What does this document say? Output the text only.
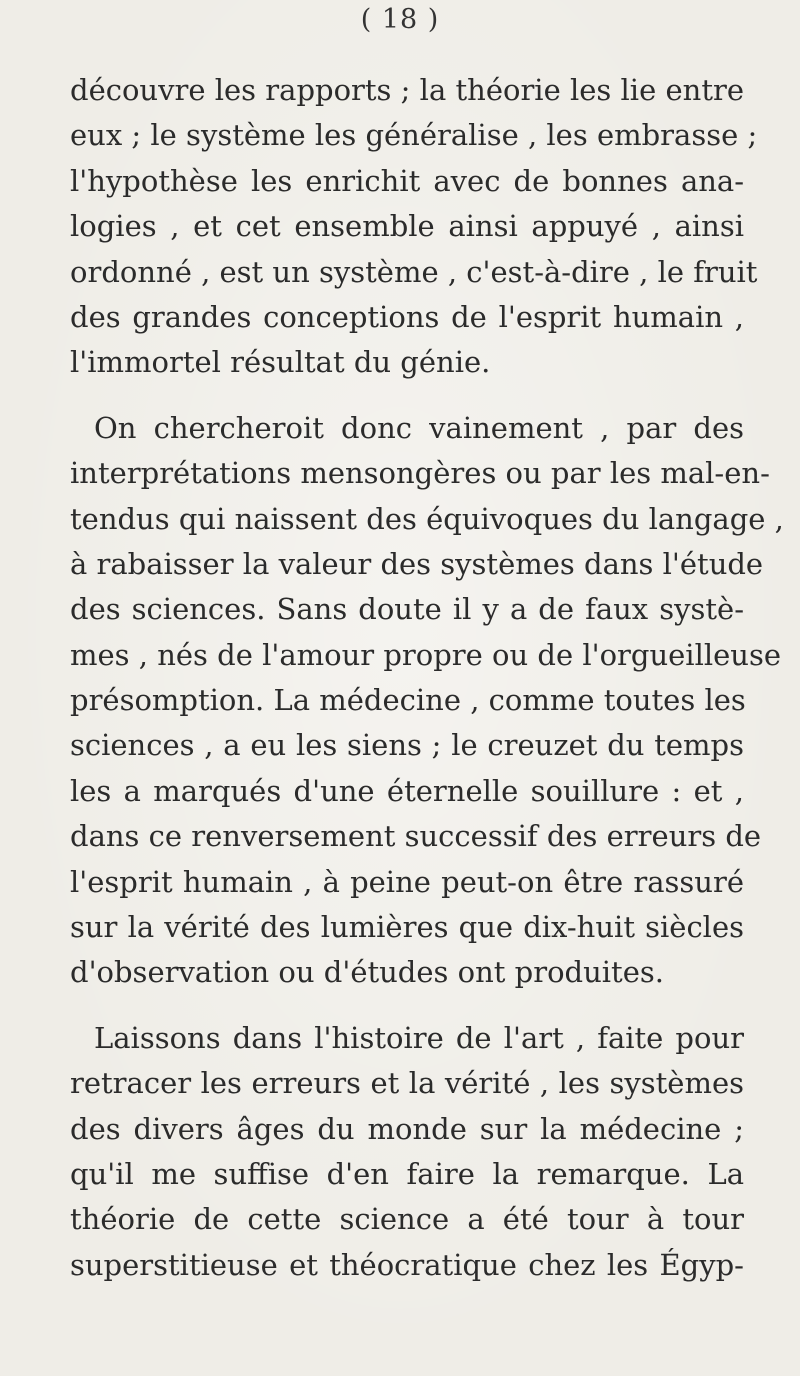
( 18 )
découvre les rapports ; la théorie les lie entre
eux ; le système les généralise , les embrasse ;
l'hypothèse les enrichit avec de bonnes ana-
logies , et cet ensemble ainsi appuyé , ainsi
ordonné , est un système , c'est-à-dire , le fruit
des grandes conceptions de l'esprit humain ,
l'immortel résultat du génie.
On chercheroit donc vainement , par des
interprétations mensongères ou par les mal-en-
tendus qui naissent des équivoques du langage ,
à rabaisser la valeur des systèmes dans l'étude
des sciences. Sans doute il y a de faux systè-
mes , nés de l'amour propre ou de l'orgueilleuse
présomption. La médecine , comme toutes les
sciences , a eu les siens ; le creuzet du temps
les a marqués d'une éternelle souillure : et ,
dans ce renversement successif des erreurs de
l'esprit humain , à peine peut-on être rassuré
sur la vérité des lumières que dix-huit siècles
d'observation ou d'études ont produites.
Laissons dans l'histoire de l'art , faite pour
retracer les erreurs et la vérité , les systèmes
des divers âges du monde sur la médecine ;
qu'il me suffise d'en faire la remarque. La
théorie de cette science a été tour à tour
superstitieuse et théocratique chez les Égyp-
